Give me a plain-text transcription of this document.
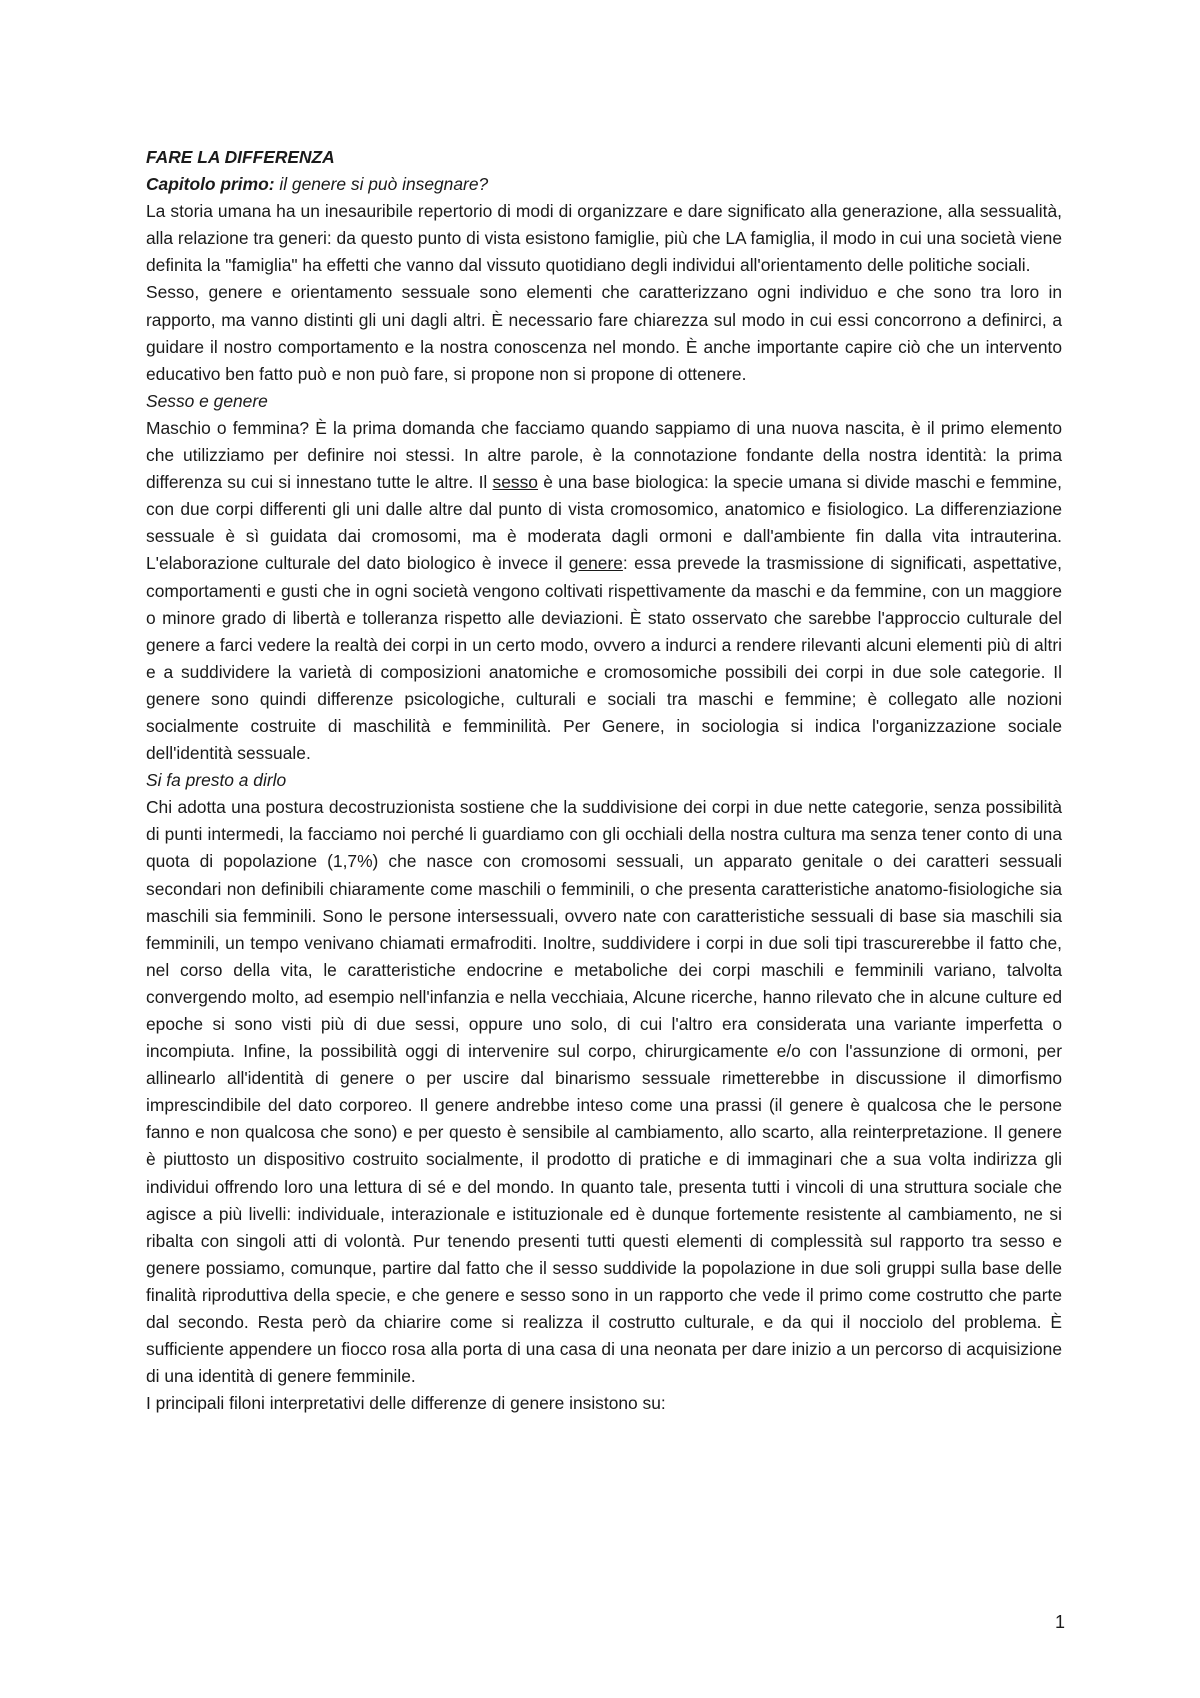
FARE LA DIFFERENZA

Capitolo primo: il genere si può insegnare?

La storia umana ha un inesauribile repertorio di modi di organizzare e dare significato alla generazione, alla sessualità, alla relazione tra generi: da questo punto di vista esistono famiglie, più che LA famiglia, il modo in cui una società viene definita la "famiglia" ha effetti che vanno dal vissuto quotidiano degli individui all'orientamento delle politiche sociali.

Sesso, genere e orientamento sessuale sono elementi che caratterizzano ogni individuo e che sono tra loro in rapporto, ma vanno distinti gli uni dagli altri. È necessario fare chiarezza sul modo in cui essi concorrono a definirci, a guidare il nostro comportamento e la nostra conoscenza nel mondo. È anche importante capire ciò che un intervento educativo ben fatto può e non può fare, si propone non si propone di ottenere.

Sesso e genere

Maschio o femmina? È la prima domanda che facciamo quando sappiamo di una nuova nascita, è il primo elemento che utilizziamo per definire noi stessi. In altre parole, è la connotazione fondante della nostra identità: la prima differenza su cui si innestano tutte le altre. Il sesso è una base biologica: la specie umana si divide maschi e femmine, con due corpi differenti gli uni dalle altre dal punto di vista cromosomico, anatomico e fisiologico. La differenziazione sessuale è sì guidata dai cromosomi, ma è moderata dagli ormoni e dall'ambiente fin dalla vita intrauterina. L'elaborazione culturale del dato biologico è invece il genere: essa prevede la trasmissione di significati, aspettative, comportamenti e gusti che in ogni società vengono coltivati rispettivamente da maschi e da femmine, con un maggiore o minore grado di libertà e tolleranza rispetto alle deviazioni. È stato osservato che sarebbe l'approccio culturale del genere a farci vedere la realtà dei corpi in un certo modo, ovvero a indurci a rendere rilevanti alcuni elementi più di altri e a suddividere la varietà di composizioni anatomiche e cromosomiche possibili dei corpi in due sole categorie. Il genere sono quindi differenze psicologiche, culturali e sociali tra maschi e femmine; è collegato alle nozioni socialmente costruite di maschilità e femminilità. Per Genere, in sociologia si indica l'organizzazione sociale dell'identità sessuale.

Si fa presto a dirlo

Chi adotta una postura decostruzionista sostiene che la suddivisione dei corpi in due nette categorie, senza possibilità di punti intermedi, la facciamo noi perché li guardiamo con gli occhiali della nostra cultura ma senza tener conto di una quota di popolazione (1,7%) che nasce con cromosomi sessuali, un apparato genitale o dei caratteri sessuali secondari non definibili chiaramente come maschili o femminili, o che presenta caratteristiche anatomo-fisiologiche sia maschili sia femminili. Sono le persone intersessuali, ovvero nate con caratteristiche sessuali di base sia maschili sia femminili, un tempo venivano chiamati ermafroditi. Inoltre, suddividere i corpi in due soli tipi trascurerebbe il fatto che, nel corso della vita, le caratteristiche endocrine e metaboliche dei corpi maschili e femminili variano, talvolta convergendo molto, ad esempio nell'infanzia e nella vecchiaia, Alcune ricerche, hanno rilevato che in alcune culture ed epoche si sono visti più di due sessi, oppure uno solo, di cui l'altro era considerata una variante imperfetta o incompiuta. Infine, la possibilità oggi di intervenire sul corpo, chirurgicamente e/o con l'assunzione di ormoni, per allinearlo all'identità di genere o per uscire dal binarismo sessuale rimetterebbe in discussione il dimorfismo imprescindibile del dato corporeo. Il genere andrebbe inteso come una prassi (il genere è qualcosa che le persone fanno e non qualcosa che sono) e per questo è sensibile al cambiamento, allo scarto, alla reinterpretazione. Il genere è piuttosto un dispositivo costruito socialmente, il prodotto di pratiche e di immaginari che a sua volta indirizza gli individui offrendo loro una lettura di sé e del mondo. In quanto tale, presenta tutti i vincoli di una struttura sociale che agisce a più livelli: individuale, interazionale e istituzionale ed è dunque fortemente resistente al cambiamento, ne si ribalta con singoli atti di volontà. Pur tenendo presenti tutti questi elementi di complessità sul rapporto tra sesso e genere possiamo, comunque, partire dal fatto che il sesso suddivide la popolazione in due soli gruppi sulla base delle finalità riproduttiva della specie, e che genere e sesso sono in un rapporto che vede il primo come costrutto che parte dal secondo. Resta però da chiarire come si realizza il costrutto culturale, e da qui il nocciolo del problema. È sufficiente appendere un fiocco rosa alla porta di una casa di una neonata per dare inizio a un percorso di acquisizione di una identità di genere femminile.

I principali filoni interpretativi delle differenze di genere insistono su:

1
